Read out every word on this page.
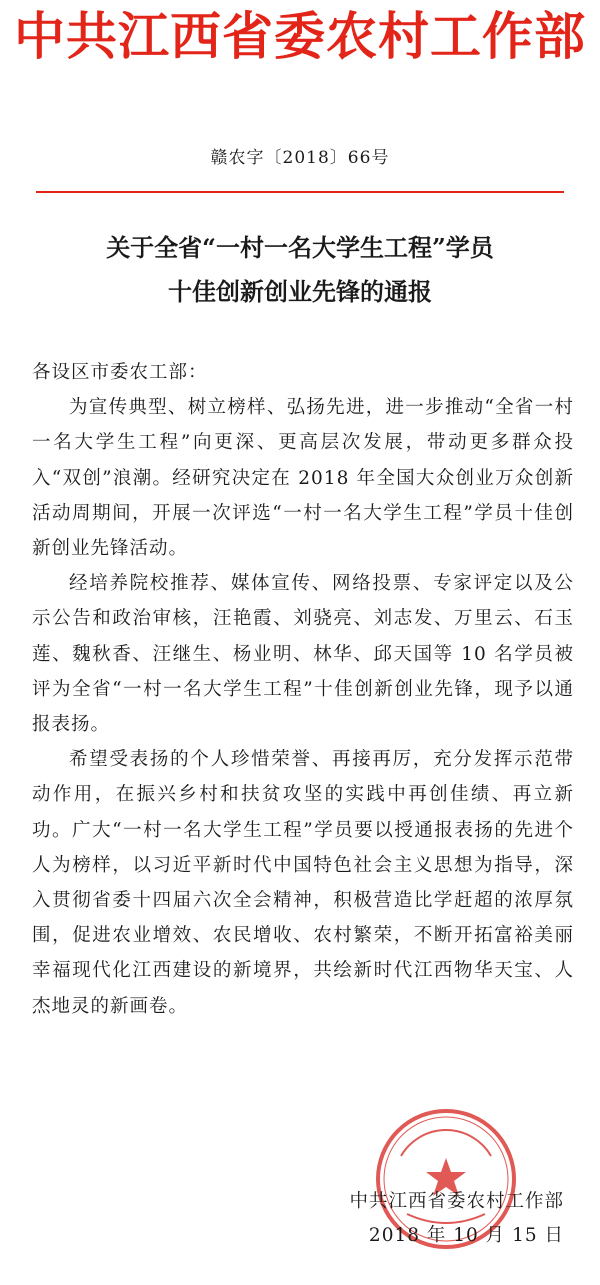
中共江西省委农村工作部
赣农字〔2018〕66号
关于全省“一村一名大学生工程”学员
十佳创新创业先锋的通报

各设区市委农工部：

为宣传典型、树立榜样、弘扬先进，进一步推动“全省一村一名大学生工程”向更深、更高层次发展，带动更多群众投入“双创”浪潮。经研究决定在 2018 年全国大众创业万众创新活动周期间，开展一次评选“一村一名大学生工程”学员十佳创新创业先锋活动。

经培养院校推荐、媒体宣传、网络投票、专家评定以及公示公告和政治审核，汪艳霞、刘骁亮、刘志发、万里云、石玉莲、魏秋香、汪继生、杨业明、林华、邱天国等 10 名学员被评为全省“一村一名大学生工程”十佳创新创业先锋，现予以通报表扬。

希望受表扬的个人珍惜荣誉、再接再厉，充分发挥示范带动作用，在振兴乡村和扶贫攻坚的实践中再创佳绩、再立新功。广大“一村一名大学生工程”学员要以授通报表扬的先进个人为榜样，以习近平新时代中国特色社会主义思想为指导，深入贯彻省委十四届六次全会精神，积极营造比学赶超的浓厚氛围，促进农业增效、农民增收、农村繁荣，不断开拓富裕美丽幸福现代化江西建设的新境界，共绘新时代江西物华天宝、人杰地灵的新画卷。

中共江西省委农村工作部
2018 年 10 月 15 日
